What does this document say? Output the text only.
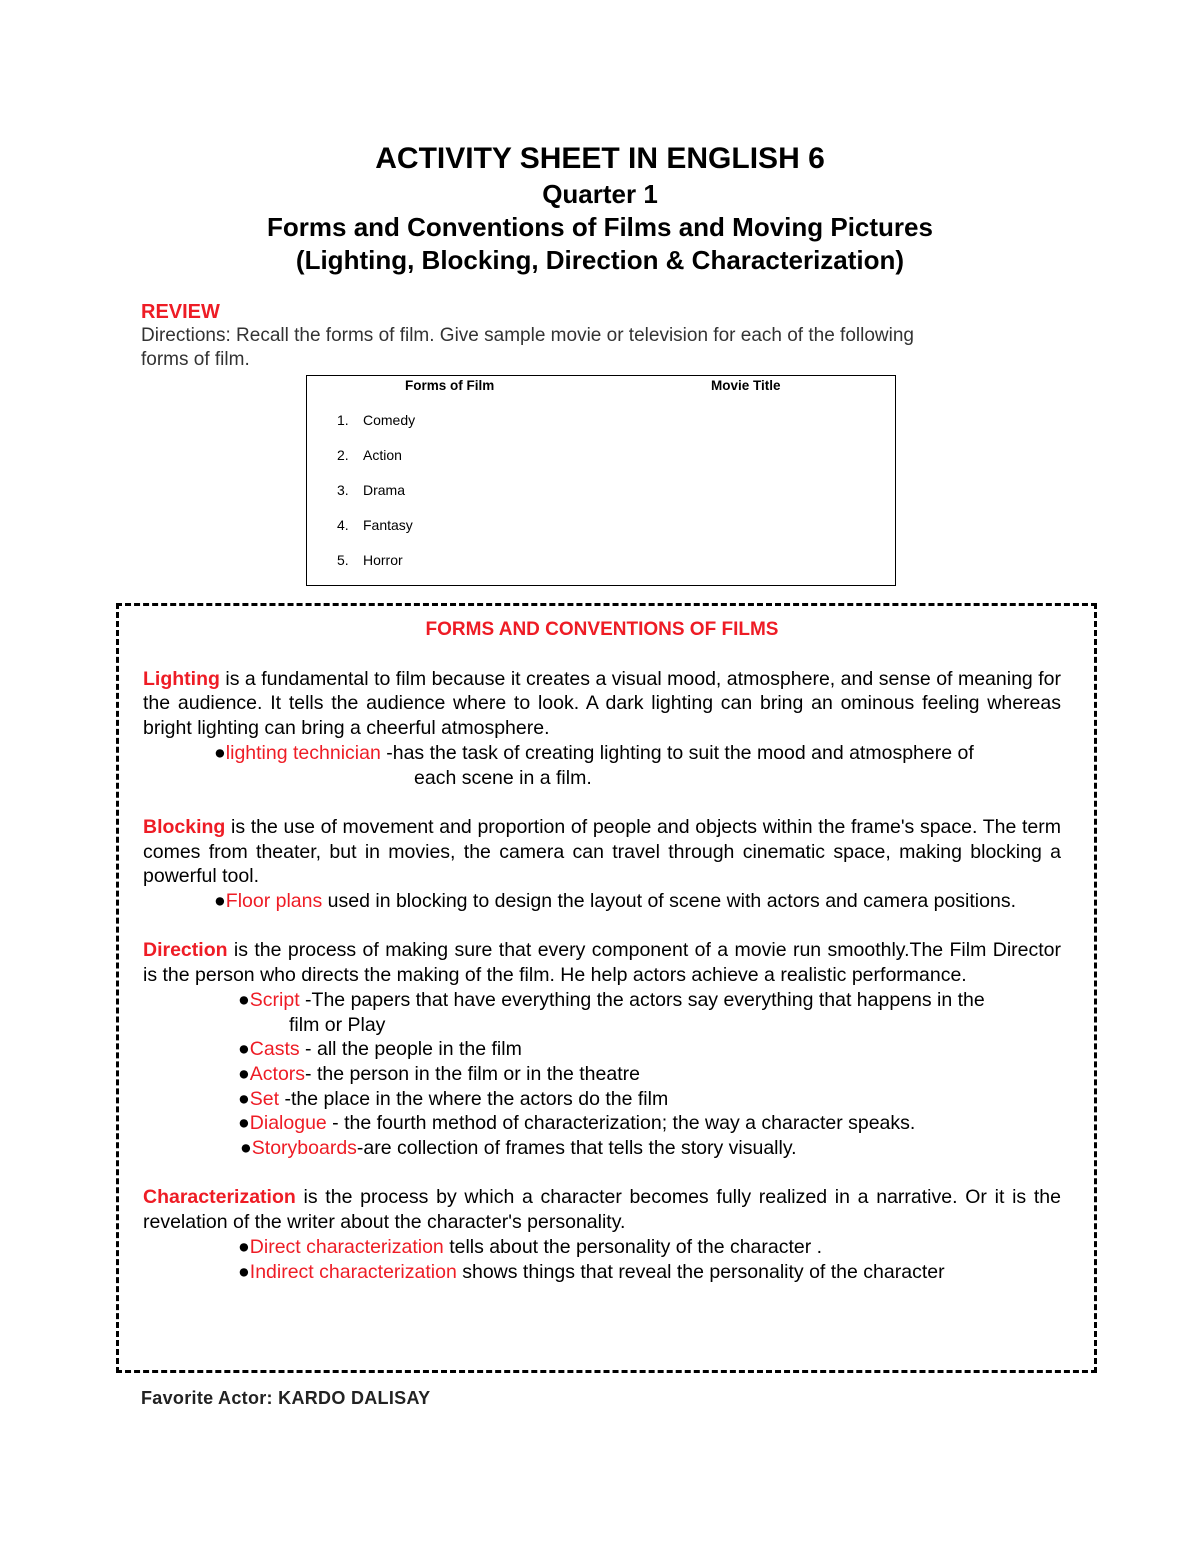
ACTIVITY SHEET IN ENGLISH 6

Quarter 1

Forms and Conventions of Films and Moving Pictures

(Lighting, Blocking, Direction & Characterization)

REVIEW
Directions: Recall the forms of film. Give sample movie or television for each of the following
forms of film.
Forms of Film	Movie Title
1. Comedy
2. Action
3. Drama
4. Fantasy
5. Horror

FORMS AND CONVENTIONS OF FILMS

Lighting is a fundamental to film because it creates a visual mood, atmosphere, and sense of meaning for the audience. It tells the audience where to look. A dark lighting can bring an ominous feeling whereas bright lighting can bring a cheerful atmosphere.

●lighting technician -has the task of creating lighting to suit the mood and atmosphere of

each scene in a film.

Blocking is the use of movement and proportion of people and objects within the frame's space. The term comes from theater, but in movies, the camera can travel through cinematic space, making blocking a powerful tool.

●Floor plans used in blocking to design the layout of scene with actors and camera positions.

Direction is the process of making sure that every component of a movie run smoothly.The Film Director is the person who directs the making of the film. He help actors achieve a realistic performance.

●Script -The papers that have everything the actors say everything that happens in the

film or Play

●Casts - all the people in the film

●Actors- the person in the film or in the theatre

●Set -the place in the where the actors do the film

●Dialogue - the fourth method of characterization; the way a character speaks.

●Storyboards-are collection of frames that tells the story visually.

Characterization is the process by which a character becomes fully realized in a narrative. Or it is the revelation of the writer about the character's personality.

●Direct characterization tells about the personality of the character .

●Indirect characterization shows things that reveal the personality of the character

Favorite Actor: KARDO DALISAY
